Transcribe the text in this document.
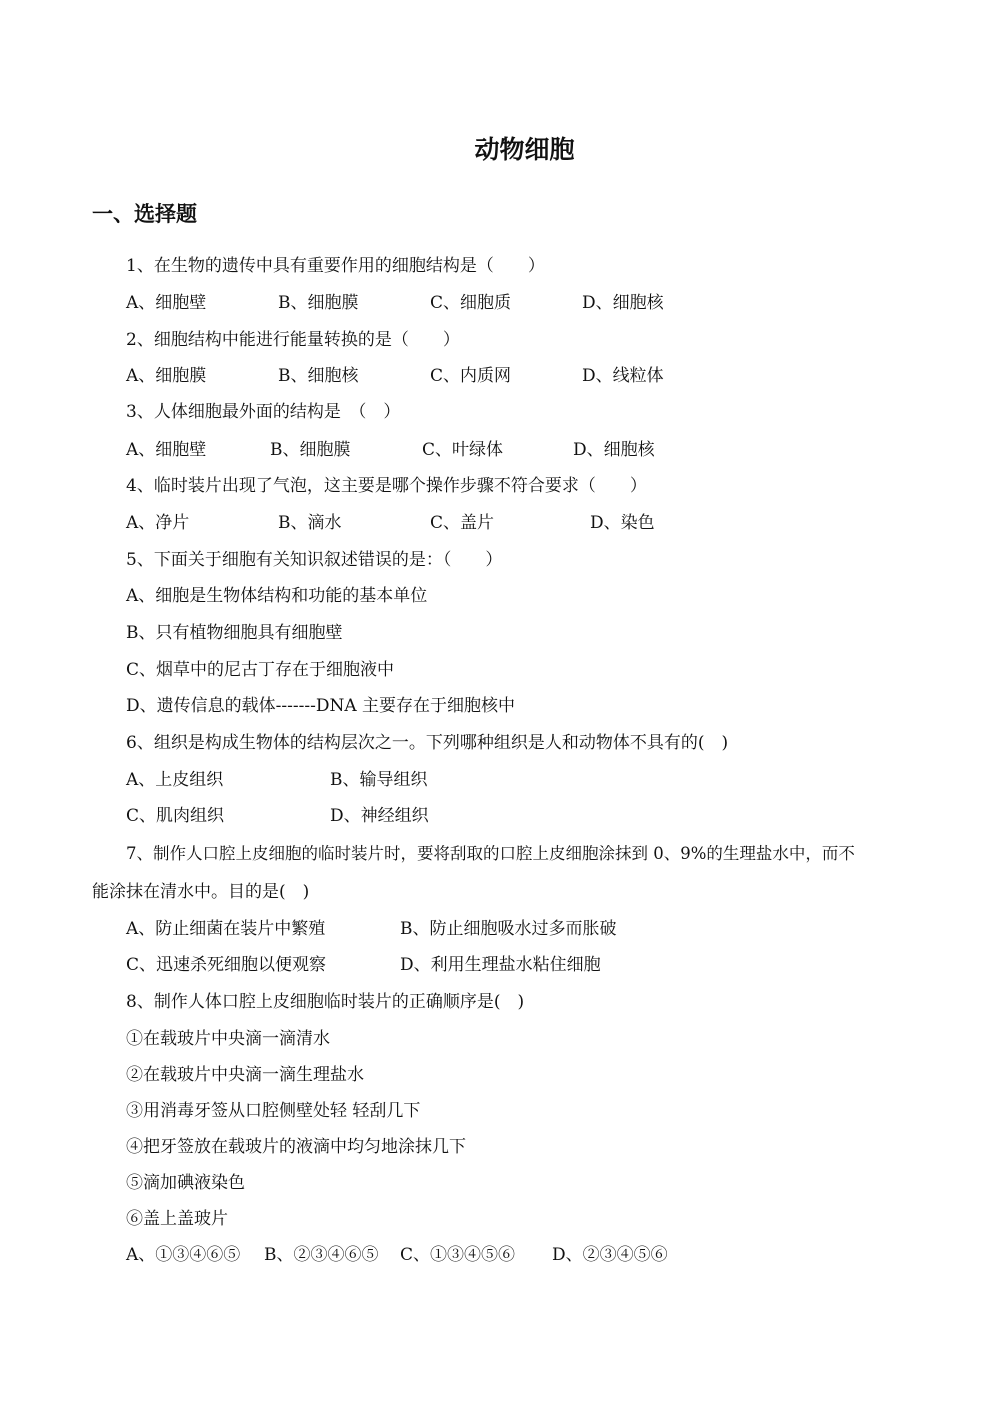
动物细胞
一、选择题
1、在生物的遗传中具有重要作用的细胞结构是（　　）
A、细胞壁	B、细胞膜	C、细胞质	D、细胞核
2、细胞结构中能进行能量转换的是（　　）
A、细胞膜	B、细胞核	C、内质网	D、线粒体
3、人体细胞最外面的结构是　（　）
A、细胞壁	B、细胞膜	C、叶绿体	D、细胞核
4、临时装片出现了气泡，这主要是哪个操作步骤不符合要求（　　）
A、净片	B、滴水	C、盖片	D、染色
5、下面关于细胞有关知识叙述错误的是：（　　）
A、细胞是生物体结构和功能的基本单位
B、只有植物细胞具有细胞壁
C、烟草中的尼古丁存在于细胞液中
D、遗传信息的载体-------DNA 主要存在于细胞核中
6、组织是构成生物体的结构层次之一。下列哪种组织是人和动物体不具有的(　)
A、上皮组织	B、输导组织
C、肌肉组织	D、神经组织
7、制作人口腔上皮细胞的临时装片时，要将刮取的口腔上皮细胞涂抹到 0、9%的生理盐水中，而不
能涂抹在清水中。目的是(　)
A、防止细菌在装片中繁殖	B、防止细胞吸水过多而胀破
C、迅速杀死细胞以便观察	D、利用生理盐水粘住细胞
8、制作人体口腔上皮细胞临时装片的正确顺序是(　)
①在载玻片中央滴一滴清水
②在载玻片中央滴一滴生理盐水
③用消毒牙签从口腔侧壁处轻 轻刮几下
④把牙签放在载玻片的液滴中均匀地涂抹几下
⑤滴加碘液染色
⑥盖上盖玻片
A、①③④⑥⑤ B、②③④⑥⑤ C、①③④⑤⑥ D、②③④⑤⑥
